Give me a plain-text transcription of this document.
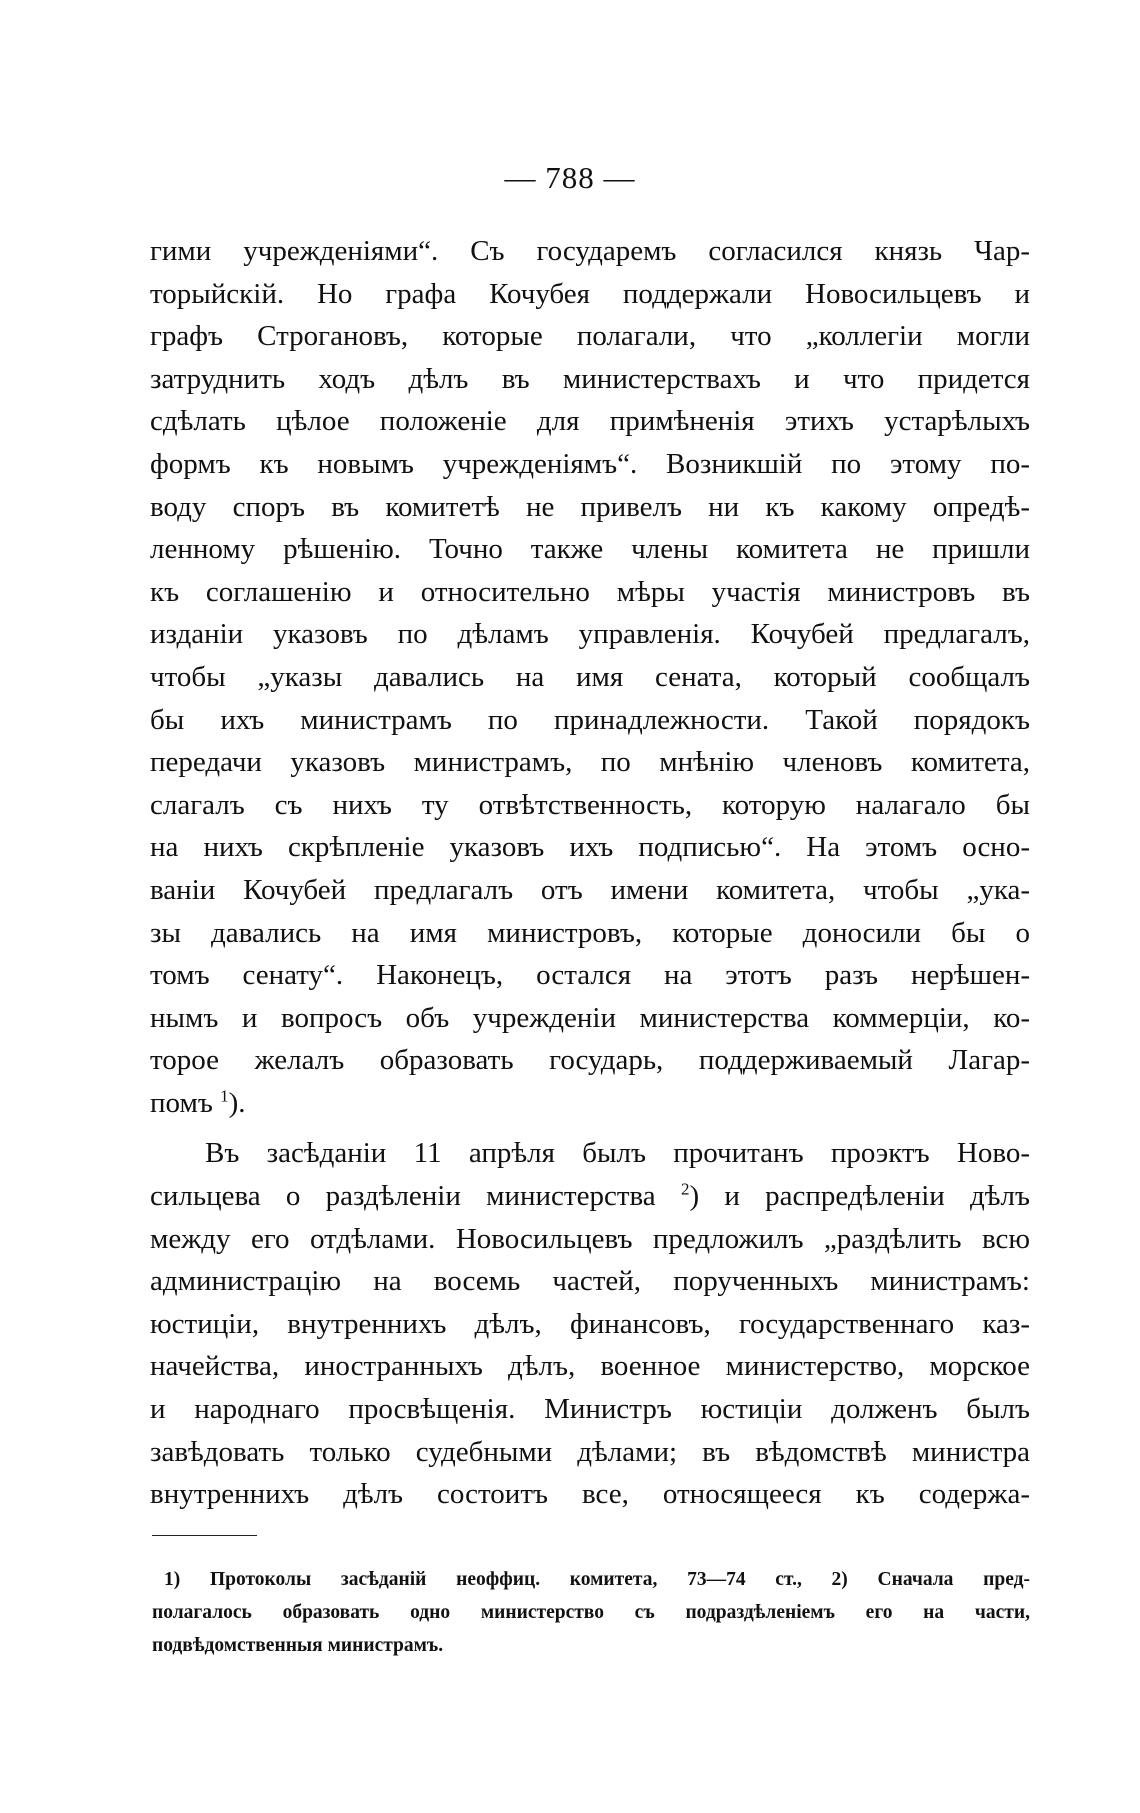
— 788 —
гими учрежденіями“. Съ государемъ согласился князь Чар-
торыйскій. Но графа Кочубея поддержали Новосильцевъ и
графъ Строгановъ, которые полагали, что „коллегіи могли
затруднить ходъ дѣлъ въ министерствахъ и что придется
сдѣлать цѣлое положеніе для примѣненія этихъ устарѣлыхъ
формъ къ новымъ учрежденіямъ“. Возникшій по этому по-
воду споръ въ комитетѣ не привелъ ни къ какому опредѣ-
ленному рѣшенію. Точно также члены комитета не пришли
къ соглашенію и относительно мѣры участія министровъ въ
изданіи указовъ по дѣламъ управленія. Кочубей предлагалъ,
чтобы „указы давались на имя сената, который сообщалъ
бы ихъ министрамъ по принадлежности. Такой порядокъ
передачи указовъ министрамъ, по мнѣнію членовъ комитета,
слагалъ съ нихъ ту отвѣтственность, которую налагало бы
на нихъ скрѣпленіе указовъ ихъ подписью“. На этомъ осно-
ваніи Кочубей предлагалъ отъ имени комитета, чтобы „ука-
зы давались на имя министровъ, которые доносили бы о
томъ сенату“. Наконецъ, остался на этотъ разъ нерѣшен-
нымъ и вопросъ объ учрежденіи министерства коммерціи, ко-
торое желалъ образовать государь, поддерживаемый Лагар-
помъ $^1$).
Въ засѣданіи 11 апрѣля былъ прочитанъ проэктъ Ново-
сильцева о раздѣленіи министерства $^2$) и распредѣленіи дѣлъ
между его отдѣлами. Новосильцевъ предложилъ „раздѣлить всю
администрацію на восемь частей, порученныхъ министрамъ:
юстиціи, внутреннихъ дѣлъ, финансовъ, государственнаго каз-
начейства, иностранныхъ дѣлъ, военное министерство, морское
и народнаго просвѣщенія. Министръ юстиціи долженъ былъ
завѣдовать только судебными дѣлами; въ вѣдомствѣ министра
внутреннихъ дѣлъ состоитъ все, относящееся къ содержа-
1) Протоколы засѣданій неоффиц. комитета, 73—74 ст., 2) Сначала пред-
полагалось образовать одно министерство съ подраздѣленіемъ его на части,
подвѣдомственныя министрамъ.
